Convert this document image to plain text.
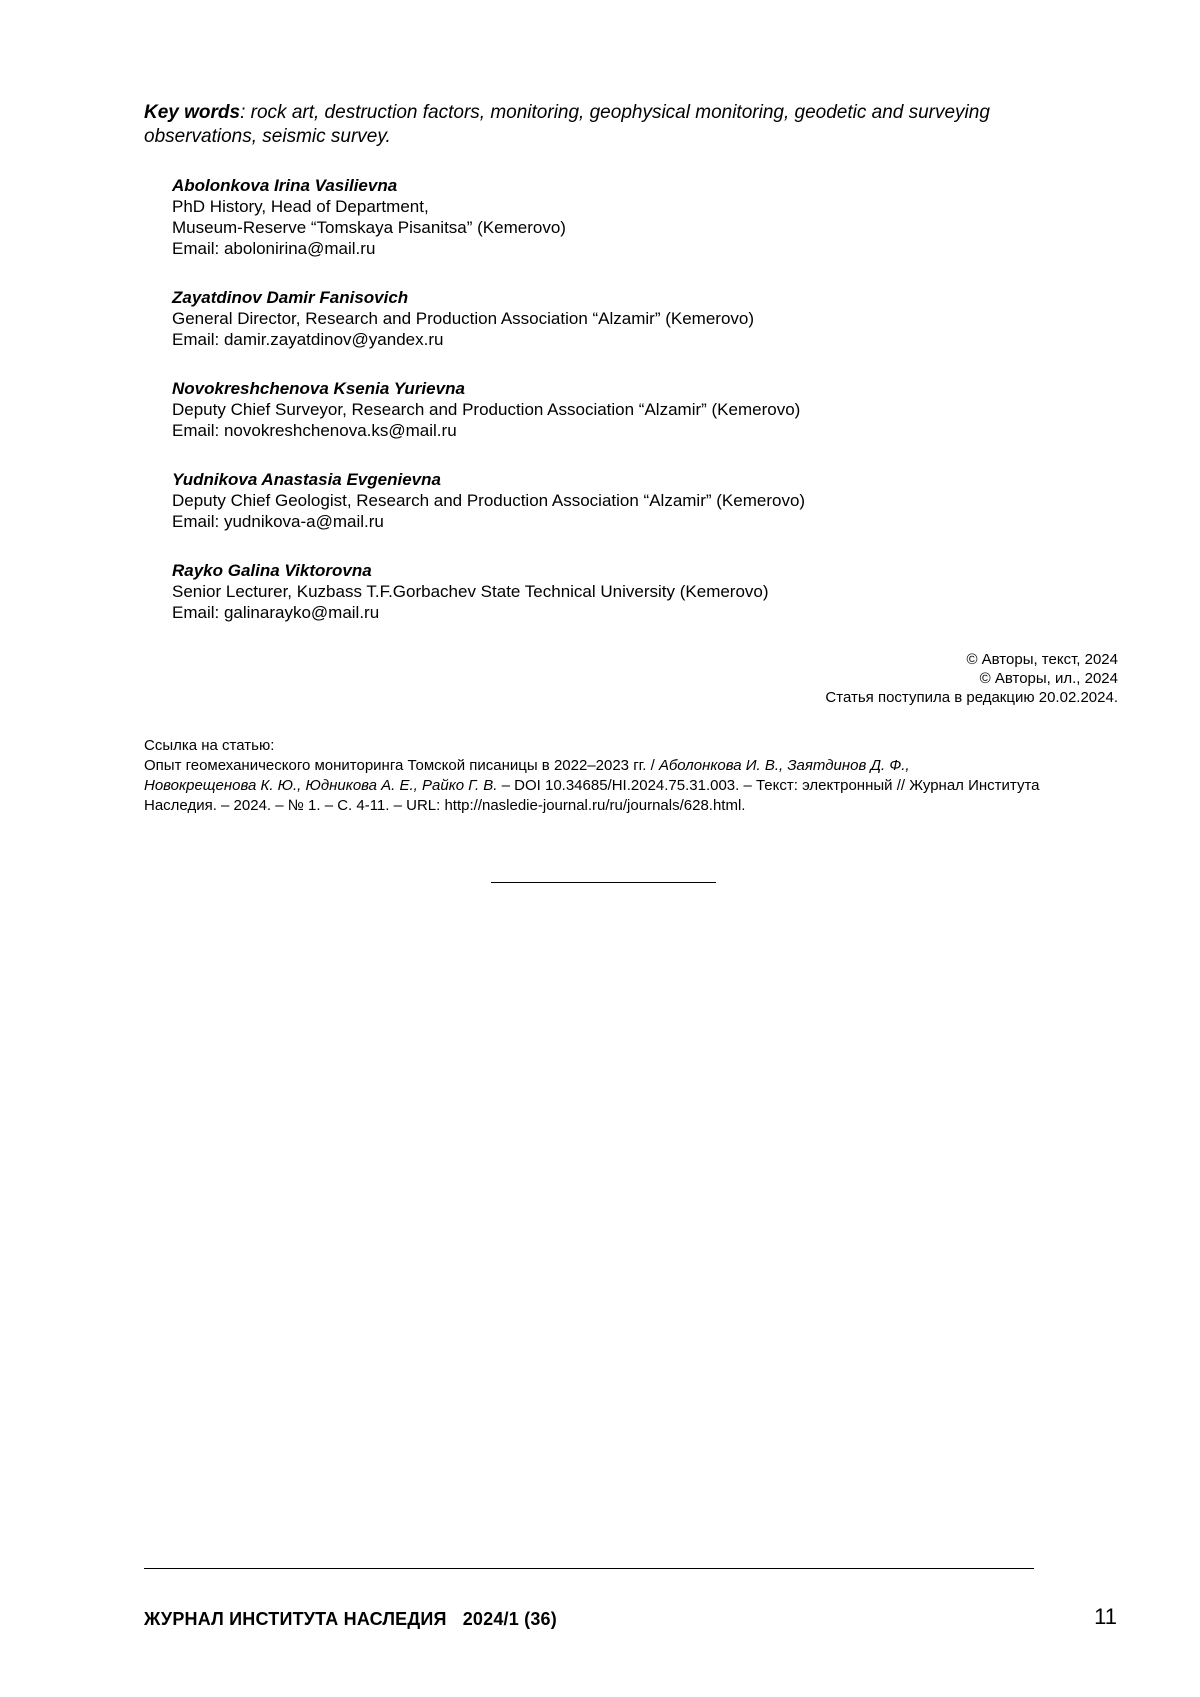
Key words: rock art, destruction factors, monitoring, geophysical monitoring, geodetic and surveying observations, seismic survey.
Abolonkova Irina Vasilievna
PhD History, Head of Department,
Museum-Reserve “Tomskaya Pisanitsa” (Kemerovo)
Email: abolonirina@mail.ru
Zayatdinov Damir Fanisovich
General Director, Research and Production Association “Alzamir” (Kemerovo)
Email: damir.zayatdinov@yandex.ru
Novokreshchenova Ksenia Yurievna
Deputy Chief Surveyor, Research and Production Association “Alzamir” (Kemerovo)
Email: novokreshchenova.ks@mail.ru
Yudnikova Anastasia Evgenievna
Deputy Chief Geologist, Research and Production Association “Alzamir” (Kemerovo)
Email: yudnikova-a@mail.ru
Rayko Galina Viktorovna
Senior Lecturer, Kuzbass T.F.Gorbachev State Technical University (Kemerovo)
Email: galinarayko@mail.ru
© Авторы, текст, 2024
© Авторы, ил., 2024
Статья поступила в редакцию 20.02.2024.
Ссылка на статью:
Опыт геомеханического мониторинга Томской писаницы в 2022–2023 гг. / Аболонкова И. В., Заятдинов Д. Ф.,
Новокрещенова К. Ю., Юдникова А. Е., Райко Г. В. – DOI 10.34685/HI.2024.75.31.003. – Текст: электронный // Журнал Института
Наследия. – 2024. – № 1. – С. 4-11. – URL: http://nasledie-journal.ru/ru/journals/628.html.
ЖУРНАЛ ИНСТИТУТА НАСЛЕДИЯ 2024/1 (36)	11
